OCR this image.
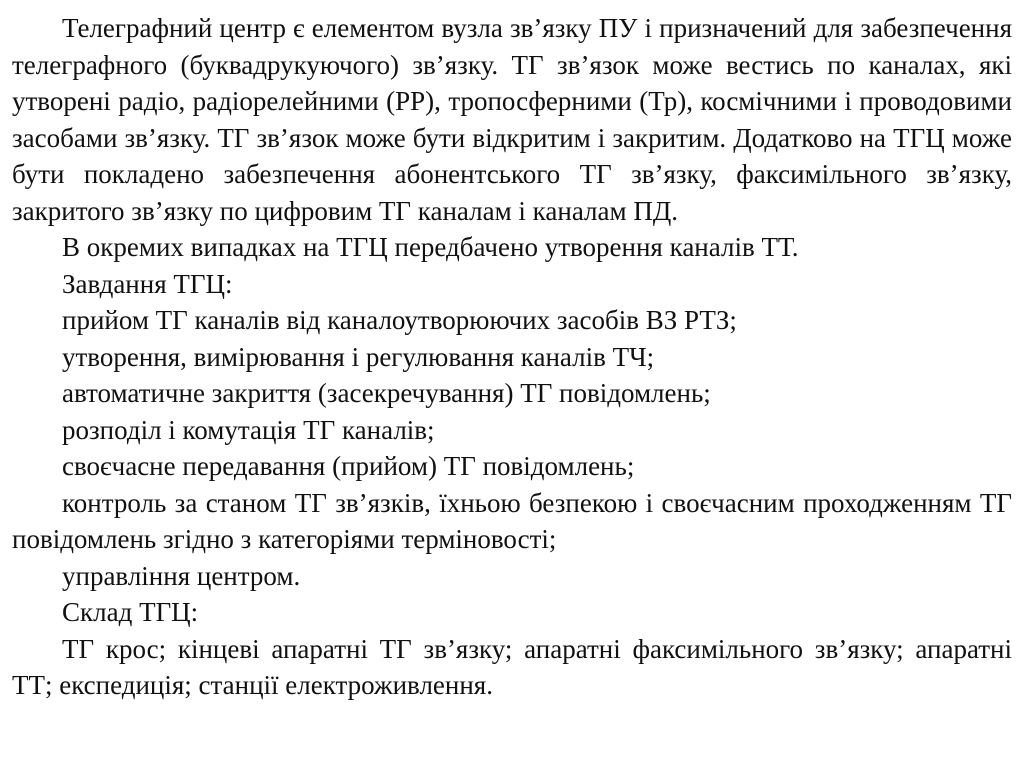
Телеграфний центр є елементом вузла зв’язку ПУ і призначений для забезпечення телеграфного (буквадрукуючого) зв’язку. ТГ зв’язок може вестись по каналах, які утворені радіо, радіорелейними (РР), тропосферними (Тр), космічними і проводовими засобами зв’язку. ТГ зв’язок може бути відкритим і закритим. Додатково на ТГЦ може бути покладено забезпечення абонентського ТГ зв’язку, факсимільного зв’язку, закритого зв’язку по цифровим ТГ каналам і каналам ПД.

В окремих випадках на ТГЦ передбачено утворення каналів ТТ.

Завдання ТГЦ:

прийом ТГ каналів від каналоутворюючих засобів ВЗ РТЗ;

утворення, вимірювання і регулювання каналів ТЧ;

автоматичне закриття (засекречування) ТГ повідомлень;

розподіл і комутація ТГ каналів;

своєчасне передавання (прийом) ТГ повідомлень;

контроль за станом ТГ зв’язків, їхньою безпекою і своєчасним проходженням ТГ повідомлень згідно з категоріями терміновості;

управління центром.

Склад ТГЦ:

ТГ крос; кінцеві апаратні ТГ зв’язку; апаратні факсимільного зв’язку; апаратні ТТ; експедиція; станції електроживлення.
